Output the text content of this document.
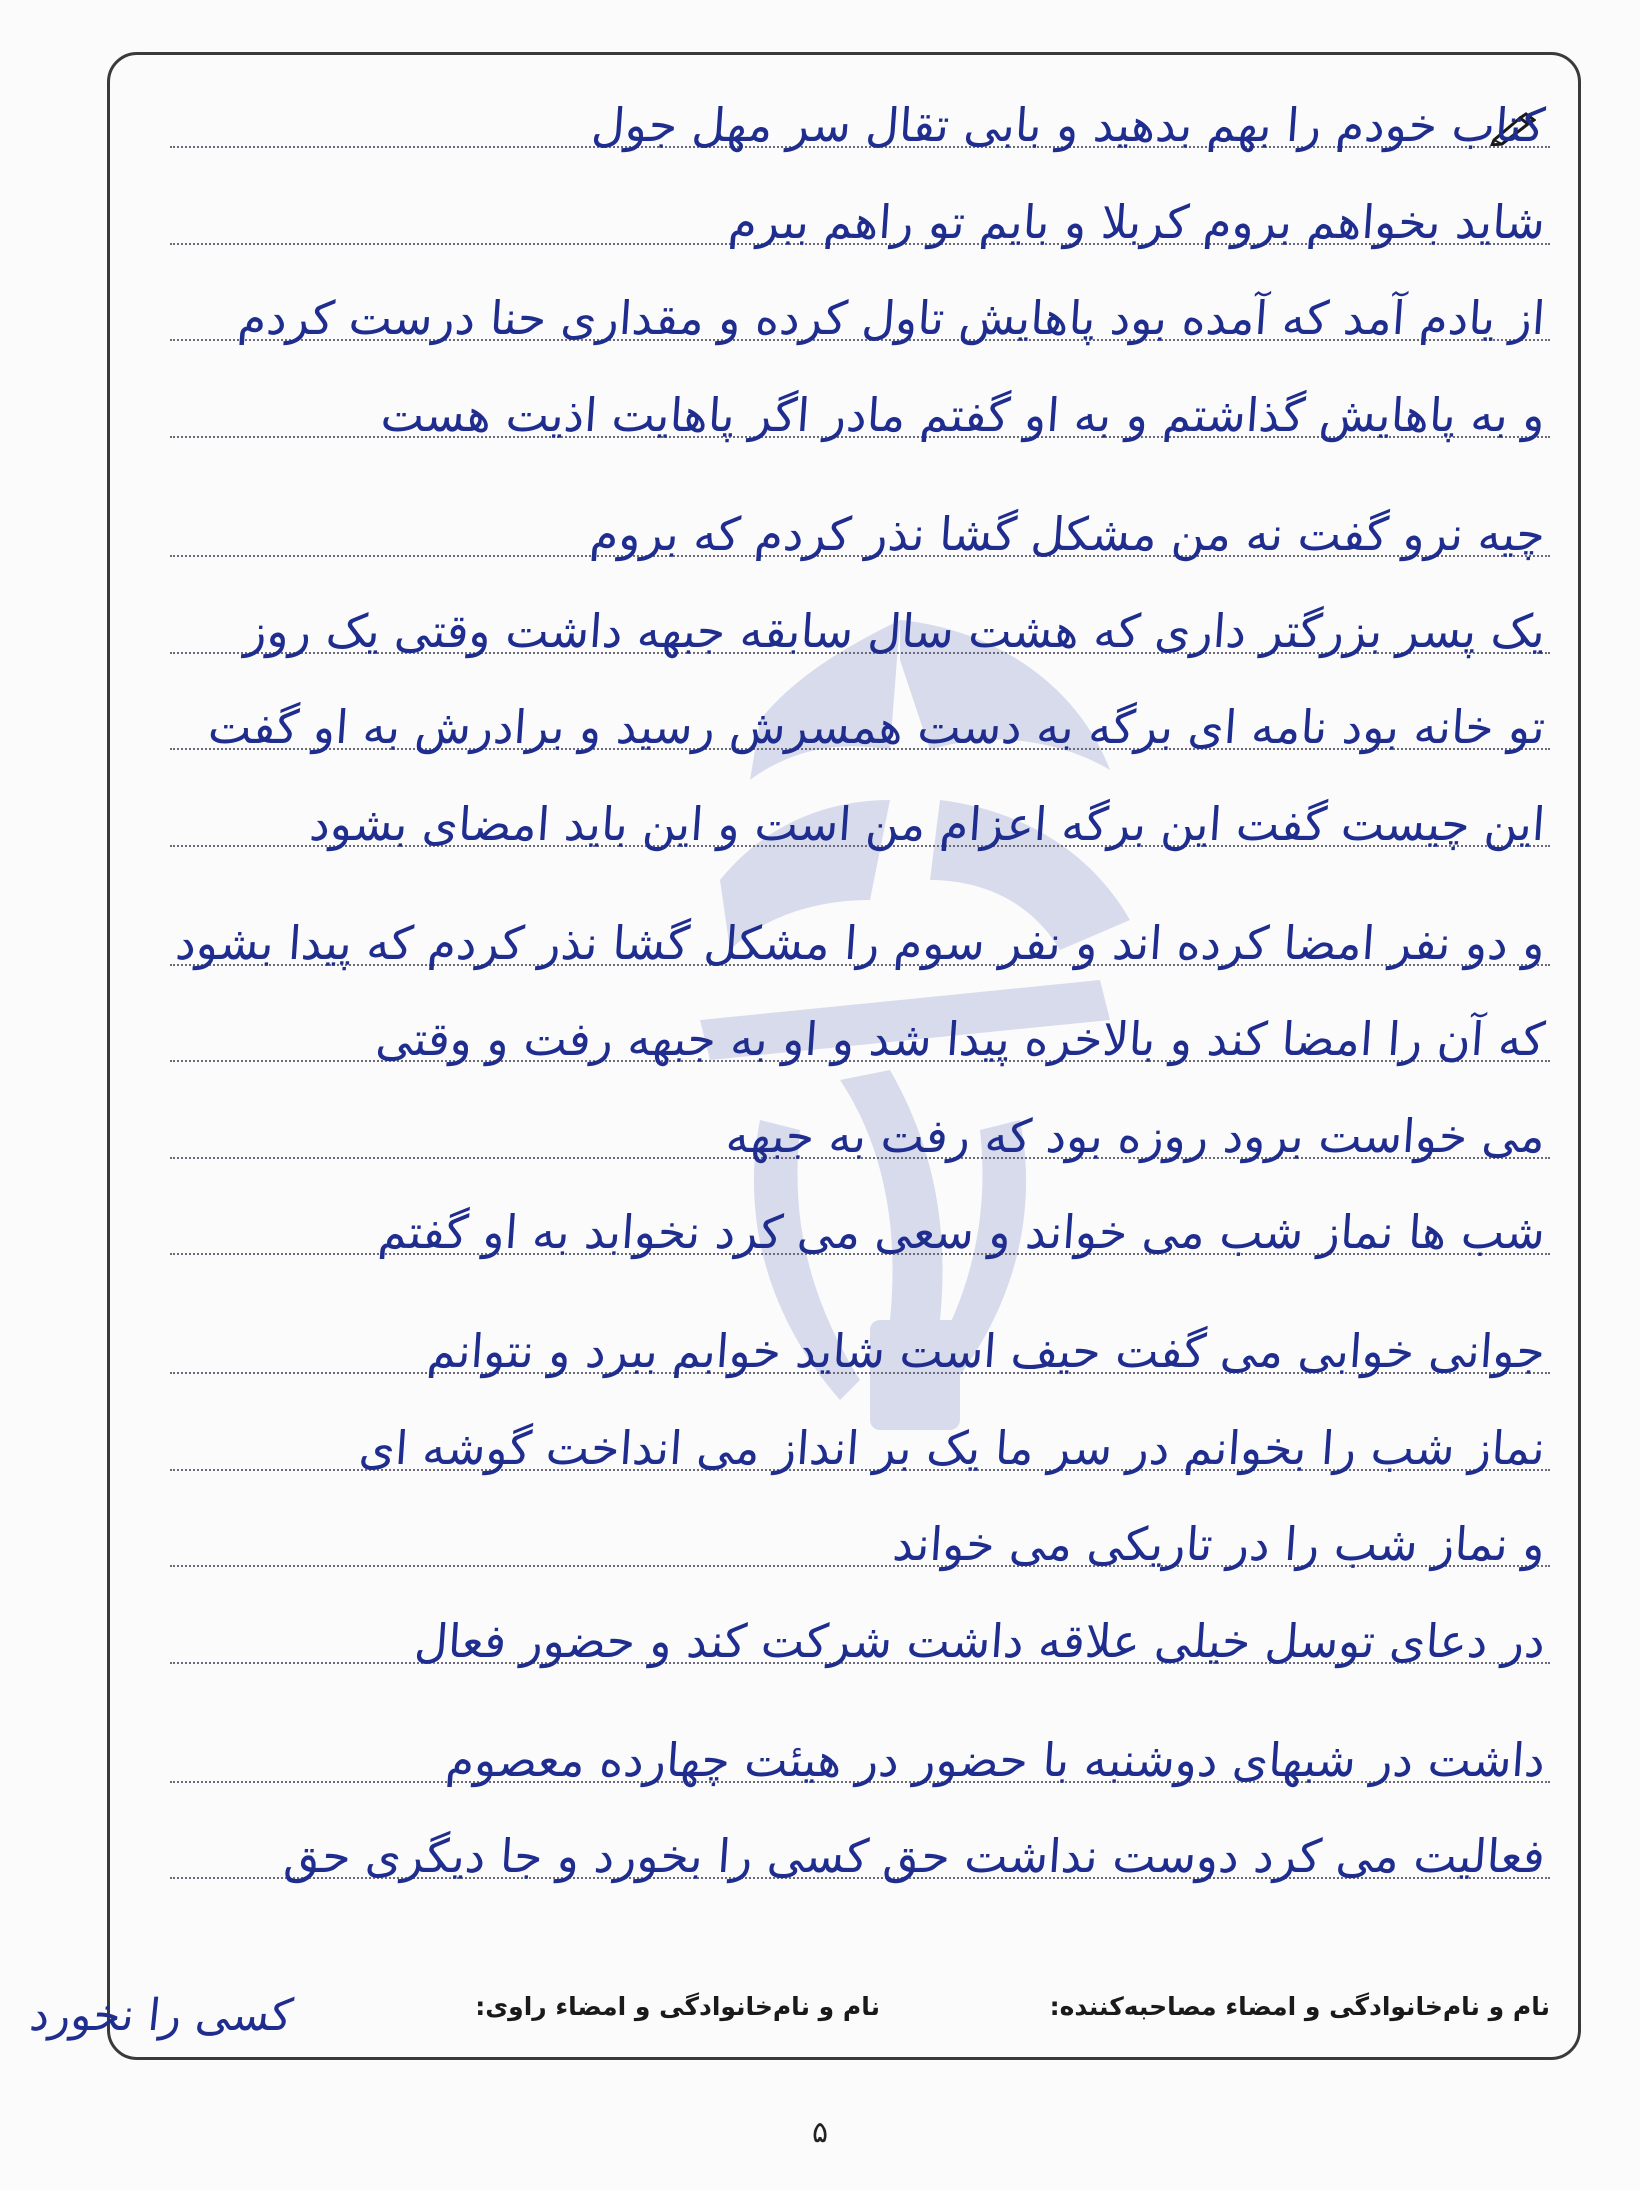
کتاب خودم را بهم بدهید و بابی تقال سر مهل جول
شاید بخواهم بروم کربلا و بایم تو راهم ببرم
از یادم آمد که آمده بود پاهایش تاول کرده و مقداری حنا درست کردم
و به پاهایش گذاشتم و به او گفتم مادر اگر پاهایت اذیت هست
چیه نرو گفت نه من مشکل گشا نذر کردم که بروم
یک پسر بزرگتر داری که هشت سال سابقه جبهه داشت وقتی یک روز
تو خانه بود نامه ای برگه به دست همسرش رسید و برادرش به او گفت
این چیست گفت این برگه اعزام من است و این باید امضای بشود
و دو نفر امضا کرده اند و نفر سوم را مشکل گشا نذر کردم که پیدا بشود
که آن را امضا کند و بالاخره پیدا شد و او به جبهه رفت و وقتی
می خواست برود روزه بود که رفت به جبهه
شب ها نماز شب می خواند و سعی می کرد نخوابد به او گفتم
جوانی خوابی می گفت حیف است شاید خوابم ببرد و نتوانم
نماز شب را بخوانم در سر ما یک بر انداز می انداخت گوشه ای
و نماز شب را در تاریکی می خواند
در دعای توسل خیلی علاقه داشت شرکت کند و حضور فعال
داشت در شبهای دوشنبه با حضور در هیئت چهارده معصوم
فعالیت می کرد دوست نداشت حق کسی را بخورد و جا دیگری حق
نام و نام‌خانوادگی و امضاء مصاحبه‌کننده:
نام و نام‌خانوادگی و امضاء راوی:
کسی را نخورد
۵
